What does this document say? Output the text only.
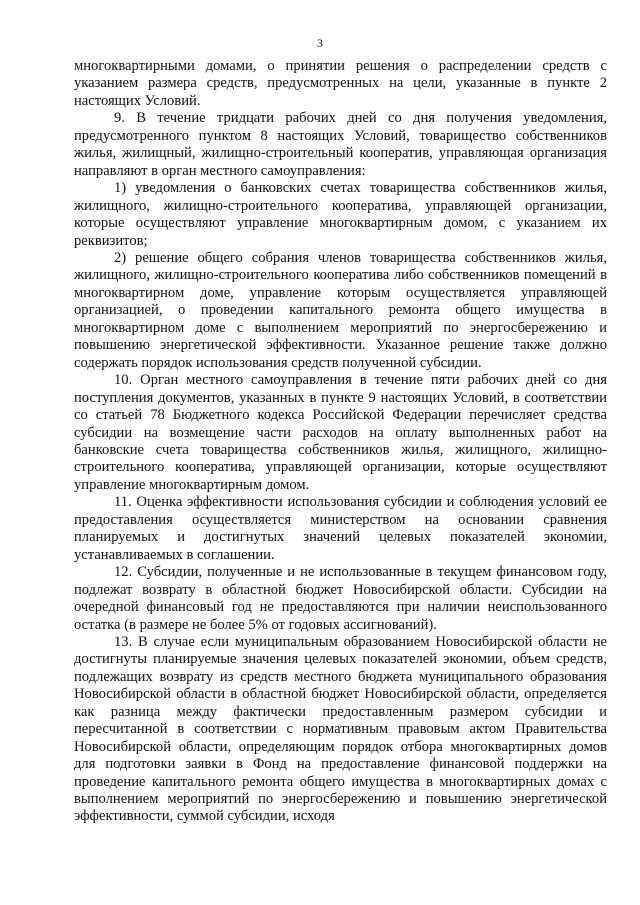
3

многоквартирными домами, о принятии решения о распределении средств с указанием размера средств, предусмотренных на цели, указанные в пункте 2 настоящих Условий.

9. В течение тридцати рабочих дней со дня получения уведомления, предусмотренного пунктом 8 настоящих Условий, товарищество собственников жилья, жилищный, жилищно-строительный кооператив, управляющая организация направляют в орган местного самоуправления:

1) уведомления о банковских счетах товарищества собственников жилья, жилищного, жилищно-строительного кооператива, управляющей организации, которые осуществляют управление многоквартирным домом, с указанием их реквизитов;

2) решение общего собрания членов товарищества собственников жилья, жилищного, жилищно-строительного кооператива либо собственников помещений в многоквартирном доме, управление которым осуществляется управляющей организацией, о проведении капитального ремонта общего имущества в многоквартирном доме с выполнением мероприятий по энергосбережению и повышению энергетической эффективности. Указанное решение также должно содержать порядок использования средств полученной субсидии.

10. Орган местного самоуправления в течение пяти рабочих дней со дня поступления документов, указанных в пункте 9 настоящих Условий, в соответствии со статьей 78 Бюджетного кодекса Российской Федерации перечисляет средства субсидии на возмещение части расходов на оплату выполненных работ на банковские счета товарищества собственников жилья, жилищного, жилищно-строительного кооператива, управляющей организации, которые осуществляют управление многоквартирным домом.

11. Оценка эффективности использования субсидии и соблюдения условий ее предоставления осуществляется министерством на основании сравнения планируемых и достигнутых значений целевых показателей экономии, устанавливаемых в соглашении.

12. Субсидии, полученные и не использованные в текущем финансовом году, подлежат возврату в областной бюджет Новосибирской области. Субсидии на очередной финансовый год не предоставляются при наличии неиспользованного остатка (в размере не более 5% от годовых ассигнований).

13. В случае если муниципальным образованием Новосибирской области не достигнуты планируемые значения целевых показателей экономии, объем средств, подлежащих возврату из средств местного бюджета муниципального образования Новосибирской области в областной бюджет Новосибирской области, определяется как разница между фактически предоставленным размером субсидии и пересчитанной в соответствии с нормативным правовым актом Правительства Новосибирской области, определяющим порядок отбора многоквартирных домов для подготовки заявки в Фонд на предоставление финансовой поддержки на проведение капитального ремонта общего имущества в многоквартирных домах с выполнением мероприятий по энергосбережению и повышению энергетической эффективности, суммой субсидии, исходя
